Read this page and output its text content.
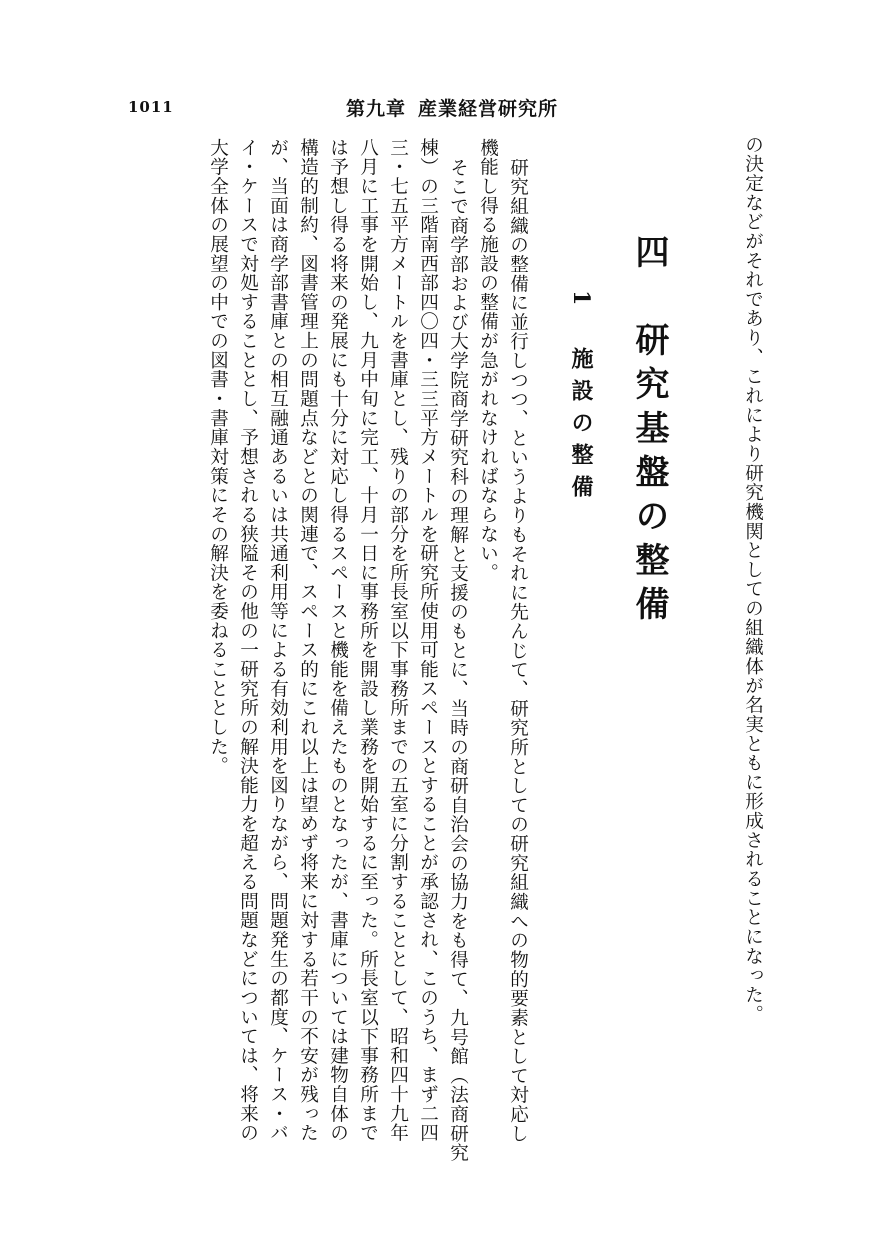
1011	第九章 産業経営研究所
の決定などがそれであり、これにより研究機関としての組織体が名実ともに形成されることになった。
四　研究基盤の整備
1　施設の整備
研究組織の整備に並行しつつ、というよりもそれに先んじて、研究所としての研究組織への物的要素として対応し
機能し得る施設の整備が急がれなければならない。
そこで商学部および大学院商学研究科の理解と支援のもとに、当時の商研自治会の協力をも得て、九号館（法商研究
棟）の三階南西部四〇四・三三平方メートルを研究所使用可能スペースとすることが承認され、このうち、まず二四
三・七五平方メートルを書庫とし、残りの部分を所長室以下事務所までの五室に分割することとして、昭和四十九年
八月に工事を開始し、九月中旬に完工、十月一日に事務所を開設し業務を開始するに至った。所長室以下事務所まで
は予想し得る将来の発展にも十分に対応し得るスペースと機能を備えたものとなったが、書庫については建物自体の
構造的制約、図書管理上の問題点などとの関連で、スペース的にこれ以上は望めず将来に対する若干の不安が残った
が、当面は商学部書庫との相互融通あるいは共通利用等による有効利用を図りながら、問題発生の都度、ケース・バ
イ・ケースで対処することとし、予想される狭隘その他の一研究所の解決能力を超える問題などについては、将来の
大学全体の展望の中での図書・書庫対策にその解決を委ねることとした。
